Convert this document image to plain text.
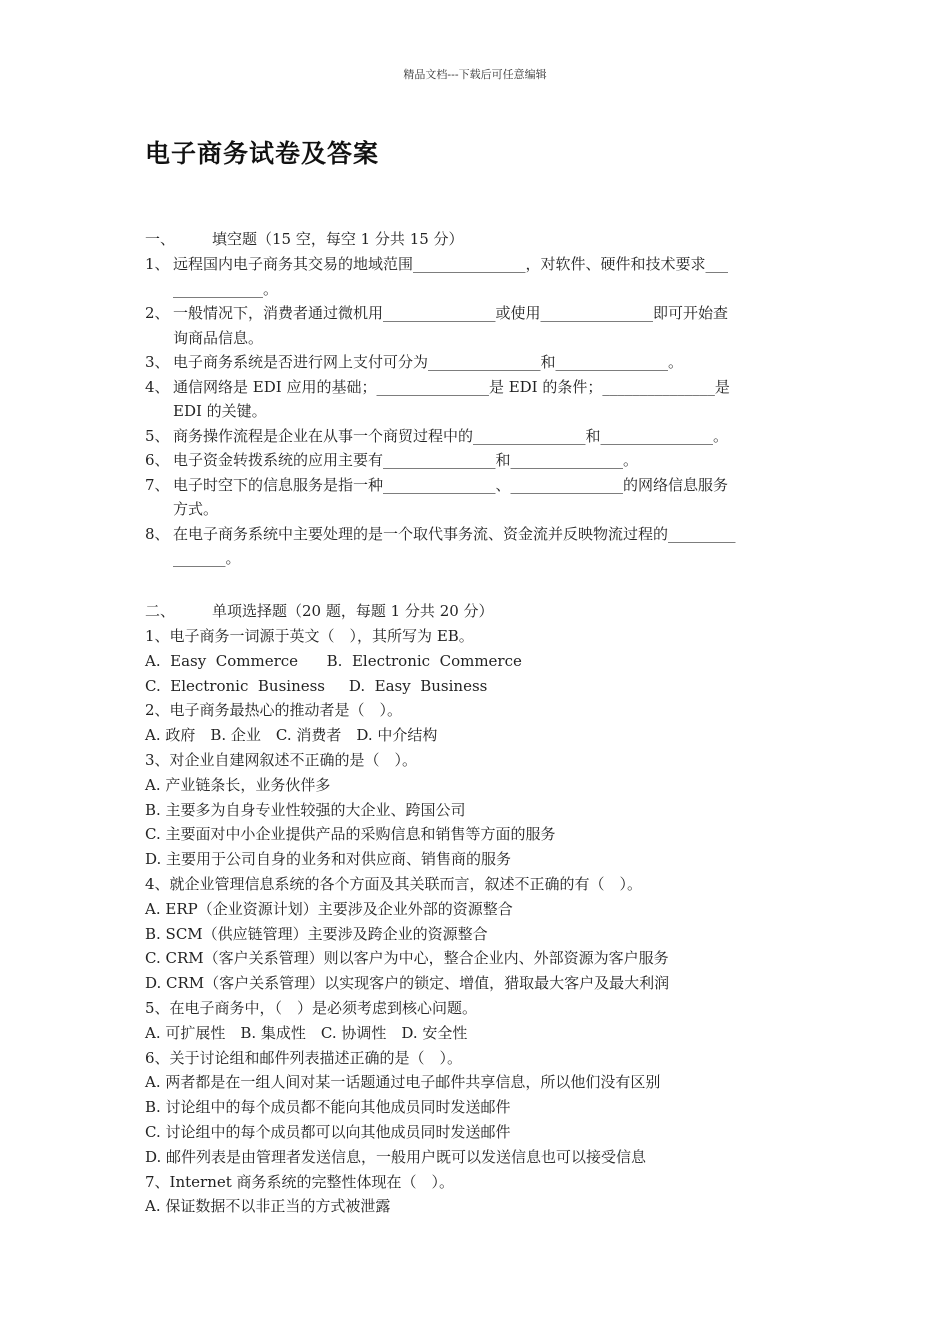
精品文档---下载后可任意编辑
电子商务试卷及答案
一、 填空题（15 空，每空 1 分共 15 分）
1、 远程国内电子商务其交易的地域范围_______________，对软件、硬件和技术要求___
____________。
2、 一般情况下，消费者通过微机用_______________或使用_______________即可开始查
询商品信息。
3、 电子商务系统是否进行网上支付可分为_______________和_______________。
4、 通信网络是 EDI 应用的基础；_______________是 EDI 的条件；_______________是
EDI 的关键。
5、 商务操作流程是企业在从事一个商贸过程中的_______________和_______________。
6、 电子资金转拨系统的应用主要有_______________和_______________。
7、 电子时空下的信息服务是指一种_______________、_______________的网络信息服务
方式。
8、 在电子商务系统中主要处理的是一个取代事务流、资金流并反映物流过程的_________
_______。
二、 单项选择题（20 题，每题 1 分共 20 分）
1、电子商务一词源于英文（　），其所写为 EB。
A.  Easy  Commerce      B.  Electronic  Commerce
C.  Electronic  Business     D.  Easy  Business
2、电子商务最热心的推动者是（　）。
A. 政府　B. 企业　C. 消费者　D. 中介结构
3、对企业自建网叙述不正确的是（　）。
A. 产业链条长，业务伙伴多
B. 主要多为自身专业性较强的大企业、跨国公司
C. 主要面对中小企业提供产品的采购信息和销售等方面的服务
D. 主要用于公司自身的业务和对供应商、销售商的服务
4、就企业管理信息系统的各个方面及其关联而言，叙述不正确的有（　）。
A. ERP（企业资源计划）主要涉及企业外部的资源整合
B. SCM（供应链管理）主要涉及跨企业的资源整合
C. CRM（客户关系管理）则以客户为中心，整合企业内、外部资源为客户服务
D. CRM（客户关系管理）以实现客户的锁定、增值，猎取最大客户及最大利润
5、在电子商务中，（　）是必须考虑到核心问题。
A. 可扩展性　B. 集成性　C. 协调性　D. 安全性
6、关于讨论组和邮件列表描述正确的是（　）。
A. 两者都是在一组人间对某一话题通过电子邮件共享信息，所以他们没有区别
B. 讨论组中的每个成员都不能向其他成员同时发送邮件
C. 讨论组中的每个成员都可以向其他成员同时发送邮件
D. 邮件列表是由管理者发送信息，一般用户既可以发送信息也可以接受信息
7、Internet 商务系统的完整性体现在（　）。
A. 保证数据不以非正当的方式被泄露
